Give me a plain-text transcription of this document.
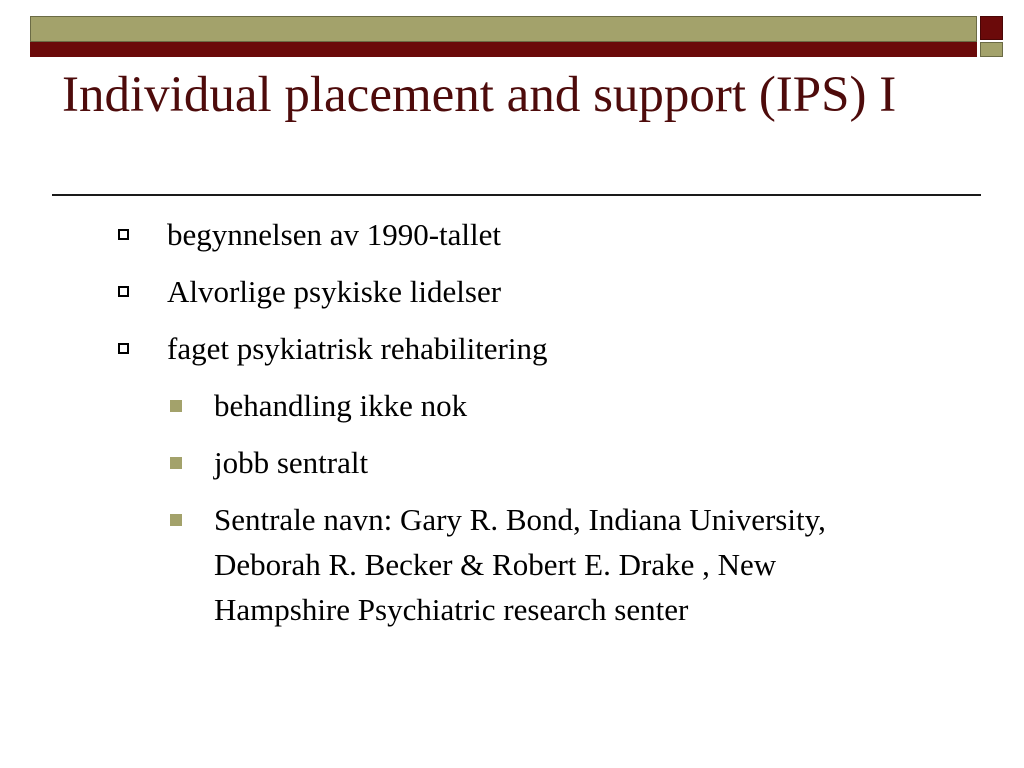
Individual placement and support (IPS) I
begynnelsen av 1990-tallet
Alvorlige psykiske lidelser
faget psykiatrisk rehabilitering
behandling ikke nok
jobb sentralt
Sentrale navn: Gary R. Bond, Indiana University, Deborah R. Becker & Robert E. Drake , New Hampshire Psychiatric research senter
